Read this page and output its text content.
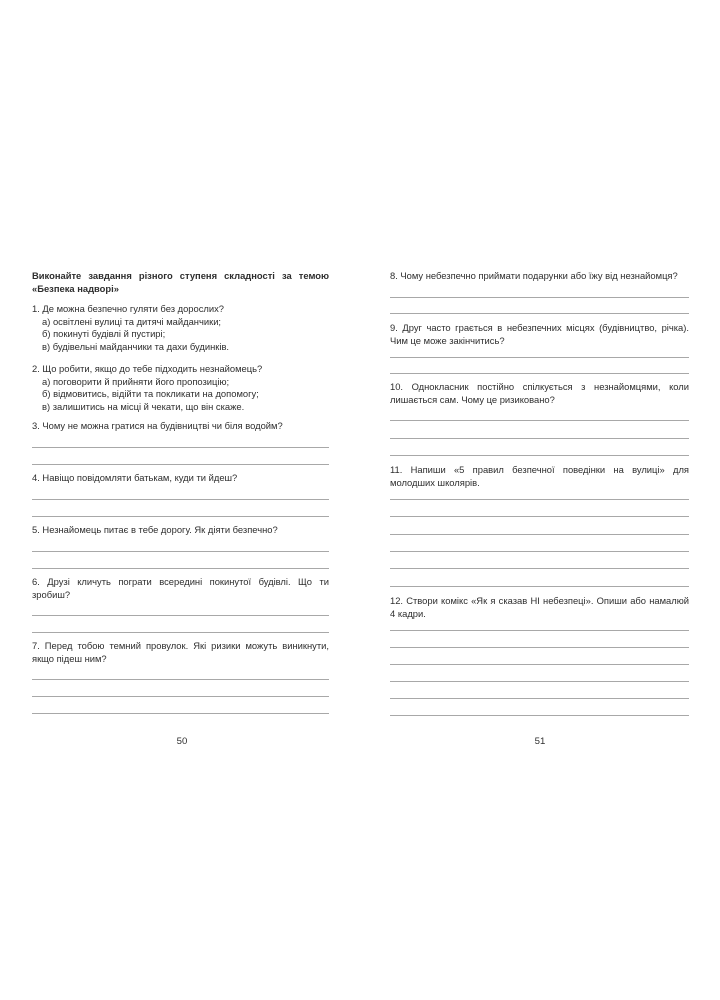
Виконайте завдання різного ступеня складності за темою «Безпека надворі»
1. Де можна безпечно гуляти без дорослих?
а) освітлені вулиці та дитячі майданчики;
б) покинуті будівлі й пустирі;
в) будівельні майданчики та дахи будинків.
2. Що робити, якщо до тебе підходить незнайомець?
а) поговорити й прийняти його пропозицію;
б) відмовитись, відійти та покликати на допомогу;
в) залишитись на місці й чекати, що він скаже.
3. Чому не можна гратися на будівництві чи біля водойм?
4. Навіщо повідомляти батькам, куди ти йдеш?
5. Незнайомець питає в тебе дорогу. Як діяти безпечно?
6. Друзі кличуть пограти всередині покинутої будівлі. Що ти зробиш?
7. Перед тобою темний провулок. Які ризики можуть виникнути, якщо підеш ним?
50
8. Чому небезпечно приймати подарунки або їжу від незнайомця?
9. Друг часто грається в небезпечних місцях (будівництво, річка). Чим це може закінчитись?
10. Однокласник постійно спілкується з незнайомцями, коли лишається сам. Чому це ризиковано?
11. Напиши «5 правил безпечної поведінки на вулиці» для молодших школярів.
12. Створи комікс «Як я сказав НІ небезпеці». Опиши або намалюй 4 кадри.
51
